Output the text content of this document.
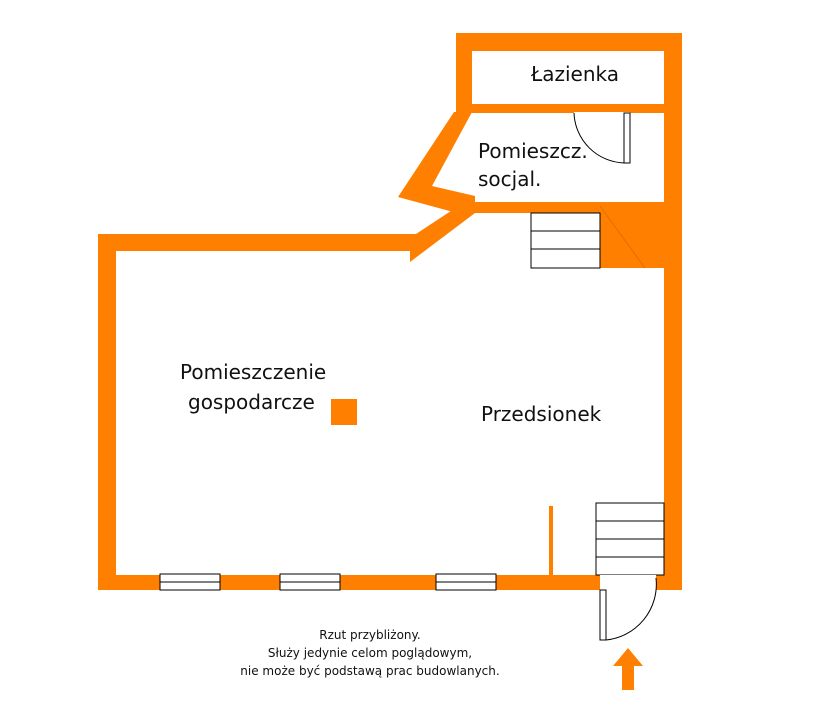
Łazienka
Pomieszcz.
socjal.
Pomieszczenie
gospodarcze	Przedsionek
Rzut przybliżony.
Służy jedynie celom poglądowym,
nie może być podstawą prac budowlanych.
